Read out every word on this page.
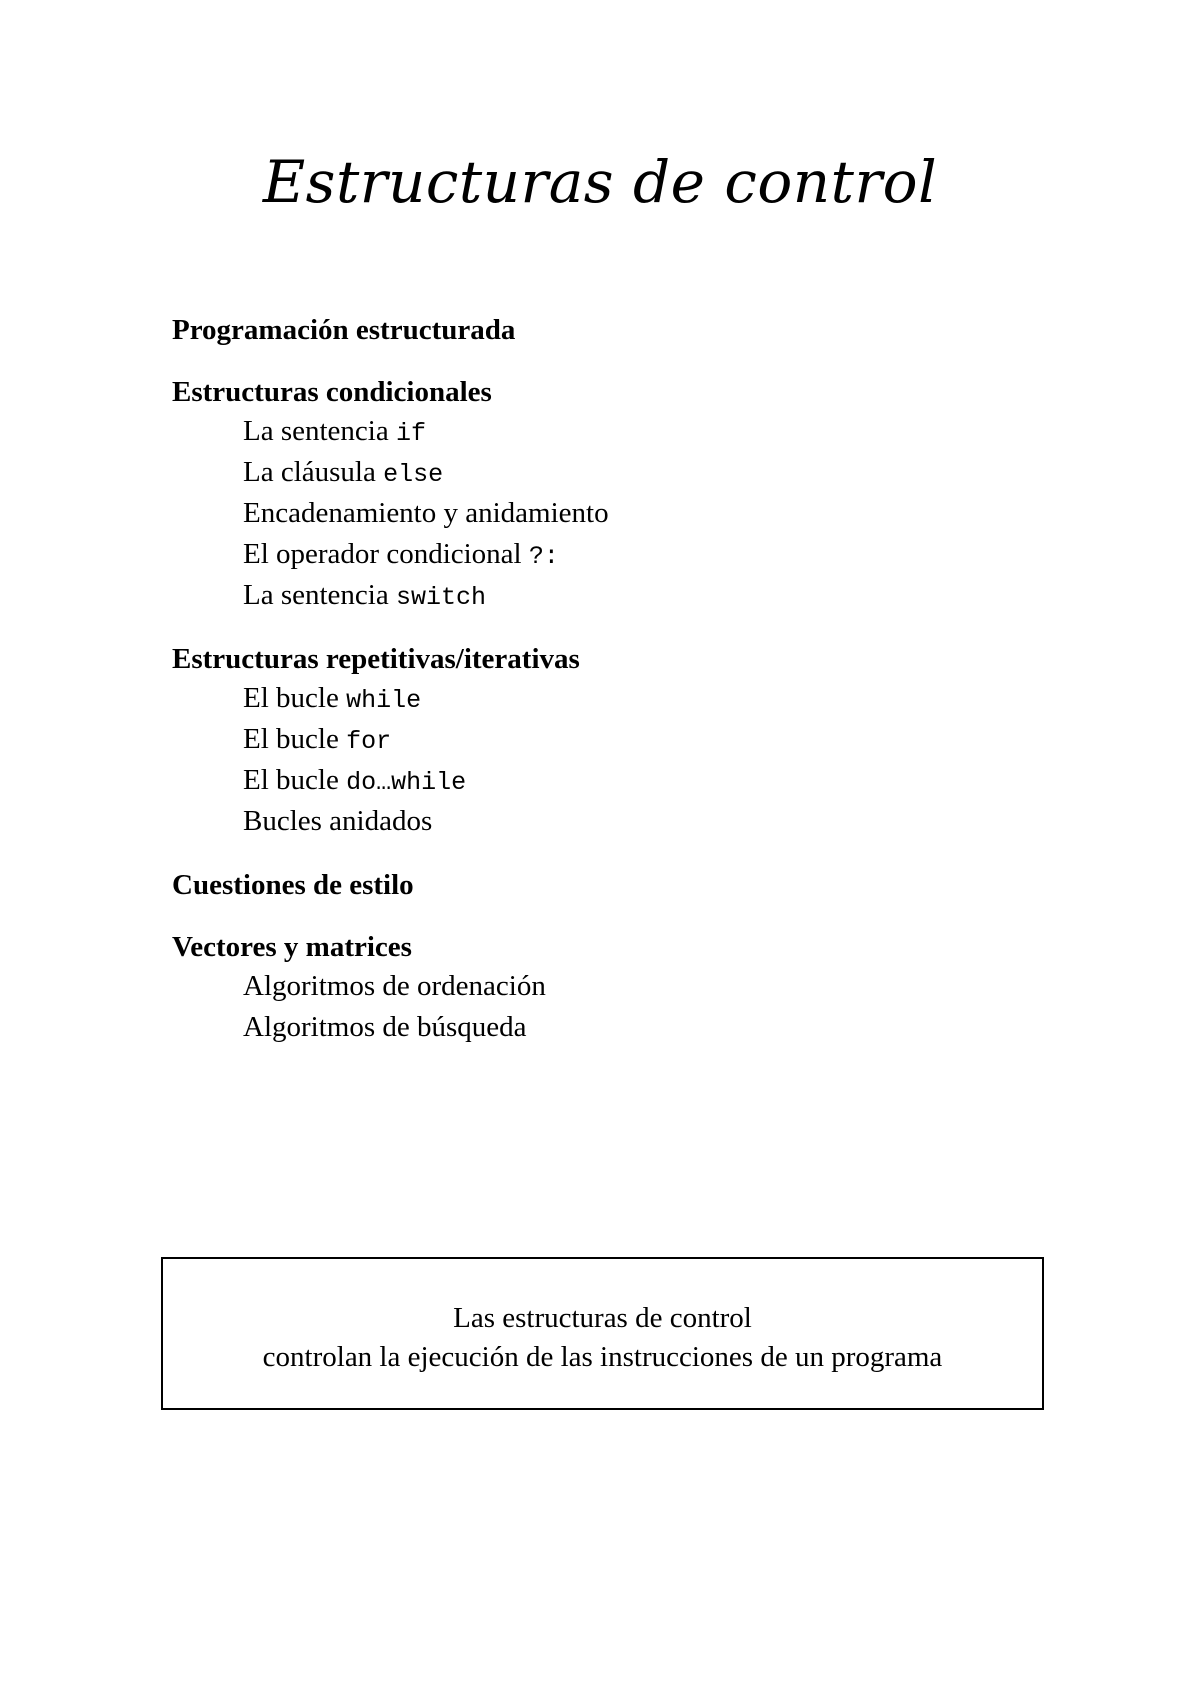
Estructuras de control
Programación estructurada
Estructuras condicionales
La sentencia if
La cláusula else
Encadenamiento y anidamiento
El operador condicional ?:
La sentencia switch
Estructuras repetitivas/iterativas
El bucle while
El bucle for
El bucle do…while
Bucles anidados
Cuestiones de estilo
Vectores y matrices
Algoritmos de ordenación
Algoritmos de búsqueda
Las estructuras de control
controlan la ejecución de las instrucciones de un programa
